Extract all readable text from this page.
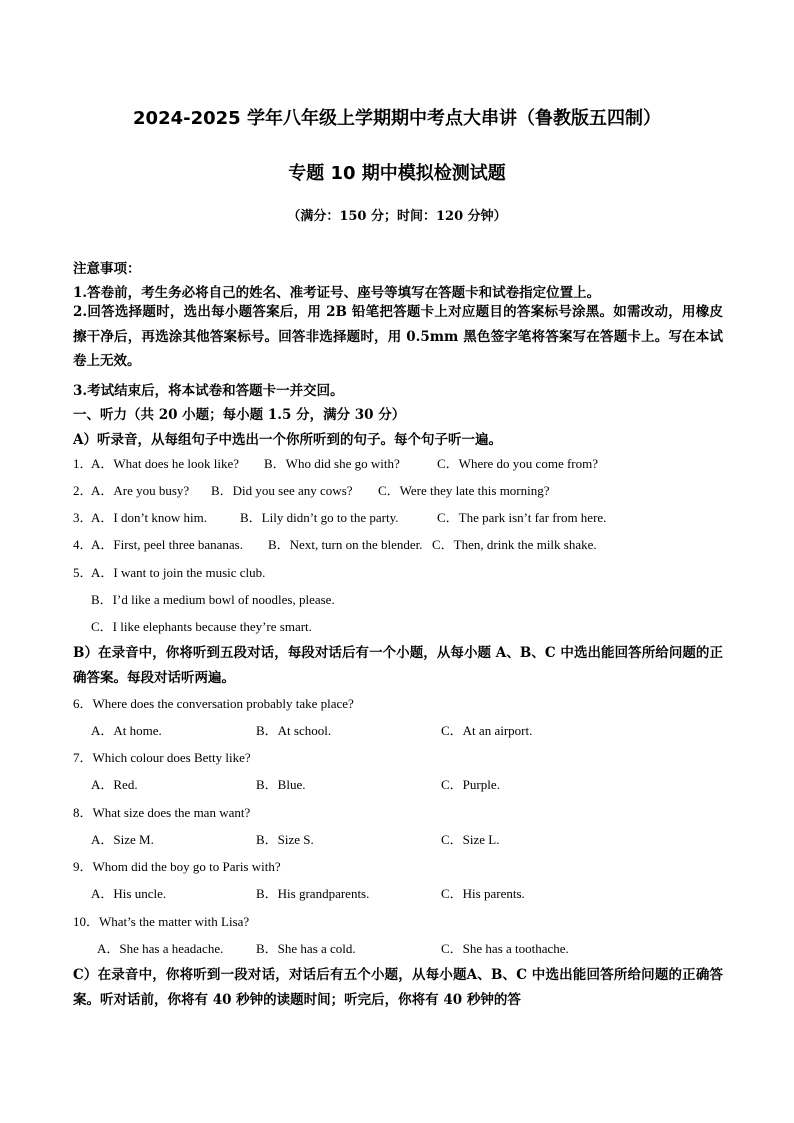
2024-2025 学年八年级上学期期中考点大串讲（鲁教版五四制）
专题 10 期中模拟检测试题
（满分：150 分；时间：120 分钟）
注意事项：
1.答卷前，考生务必将自己的姓名、准考证号、座号等填写在答题卡和试卷指定位置上。
2.回答选择题时，选出每小题答案后，用 2B 铅笔把答题卡上对应题目的答案标号涂黑。如需改动，用橡皮擦干净后，再选涂其他答案标号。回答非选择题时，用 0.5mm 黑色签字笔将答案写在答题卡上。写在本试卷上无效。
3.考试结束后，将本试卷和答题卡一并交回。
一、听力（共 20 小题；每小题 1.5 分，满分 30 分）
A）听录音，从每组句子中选出一个你所听到的句子。每个句子听一遍。
1．
A．What does he look like? B．Who did she go with?	C．Where do you come from?
2．
A．Are you busy? B．Did you see any cows? C．Were they late this morning?
3．
A．I don’t know him.	B．Lily didn’t go to the party.	C．The park isn’t far from here.
4．
A．First, peel three bananas. B．Next, turn on the blender. C．Then, drink the milk shake.
5．
A．I want to join the music club.
B．I’d like a medium bowl of noodles, please.
C．I like elephants because they’re smart.
B）在录音中，你将听到五段对话，每段对话后有一个小题，从每小题 A、B、C 中选出能回答所给问题的正确答案。每段对话听两遍。
6．Where does the conversation probably take place?
A．At home.	B．At school.	C．At an airport.
7．Which colour does Betty like?
A．Red.	B．Blue.	C．Purple.
8．What size does the man want?
A．Size M.	B．Size S.	C．Size L.
9．Whom did the boy go to Paris with?
A．His uncle.	B．His grandparents.	C．His parents.
10．What’s the matter with Lisa?
A．She has a headache.	B．She has a cold.	C．She has a toothache.
C）在录音中，你将听到一段对话，对话后有五个小题，从每小题A、B、C 中选出能回答所给问题的正确答案。听对话前，你将有 40 秒钟的读题时间；听完后，你将有 40 秒钟的答
